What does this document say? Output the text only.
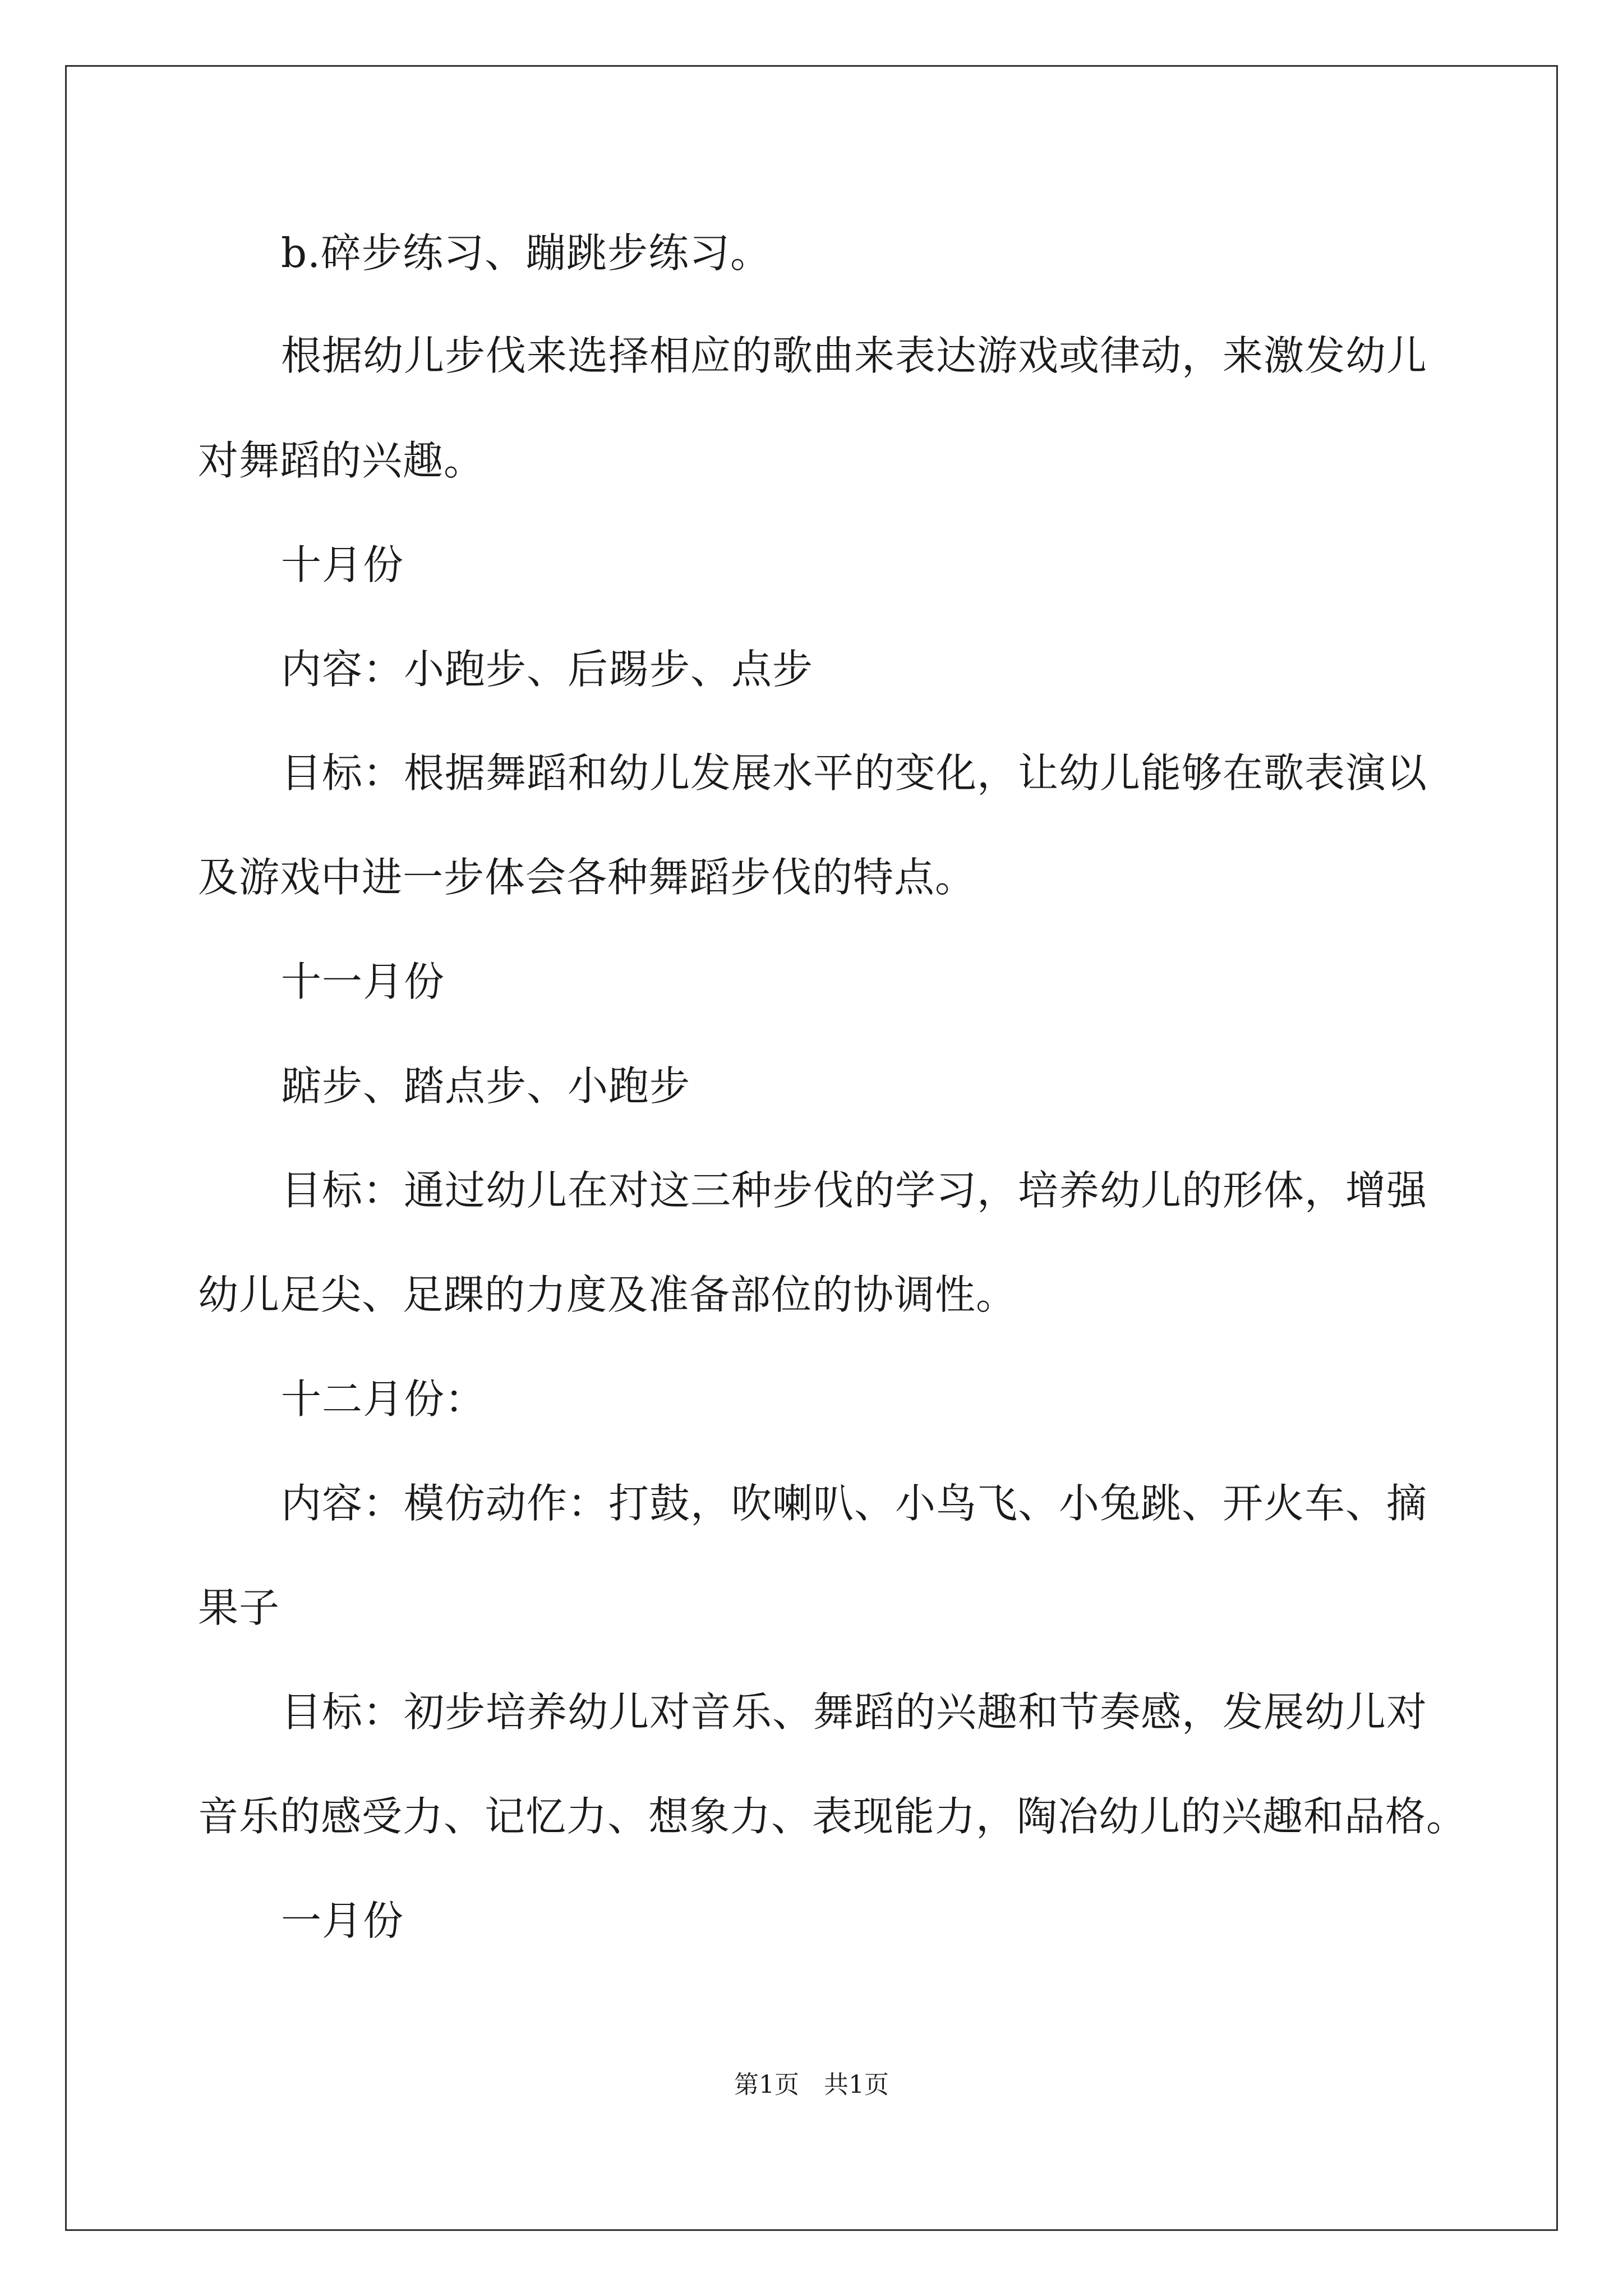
b.碎步练习、蹦跳步练习。
根据幼儿步伐来选择相应的歌曲来表达游戏或律动，来激发幼儿
对舞蹈的兴趣。
十月份
内容：小跑步、后踢步、点步
目标：根据舞蹈和幼儿发展水平的变化，让幼儿能够在歌表演以
及游戏中进一步体会各种舞蹈步伐的特点。
十一月份
踮步、踏点步、小跑步
目标：通过幼儿在对这三种步伐的学习，培养幼儿的形体，增强
幼儿足尖、足踝的力度及准备部位的协调性。
十二月份：
内容：模仿动作：打鼓，吹喇叭、小鸟飞、小兔跳、开火车、摘
果子
目标：初步培养幼儿对音乐、舞蹈的兴趣和节奏感，发展幼儿对
音乐的感受力、记忆力、想象力、表现能力，陶冶幼儿的兴趣和品格。
一月份
第1页　共1页
